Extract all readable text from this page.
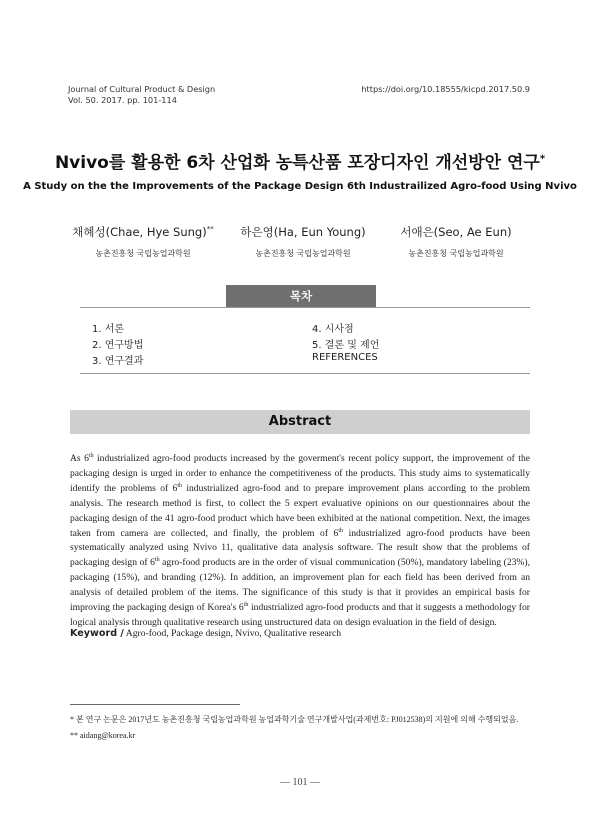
Journal of Cultural Product & Design
Vol. 50. 2017. pp. 101-114
https://doi.org/10.18555/kicpd.2017.50.9
Nvivo를 활용한 6차 산업화 농특산품 포장디자인 개선방안 연구*
A Study on the the Improvements of the Package Design 6th Industrailized Agro-food Using Nvivo
채혜성(Chae, Hye Sung)**
농촌진흥청 국립농업과학원
하은영(Ha, Eun Young)
농촌진흥청 국립농업과학원
서애은(Seo, Ae Eun)
농촌진흥청 국립농업과학원
목차
1. 서론
2. 연구방법
3. 연구결과
4. 시사점
5. 결론 및 제언
REFERENCES
Abstract
As 6th industrialized agro-food products increased by the goverment's recent policy support, the improvement of the packaging design is urged in order to enhance the competitiveness of the products. This study aims to systematically identify the problems of 6th industrialized agro-food and to prepare improvement plans according to the problem analysis. The research method is first, to collect the 5 expert evaluative opinions on our questionnaires about the packaging design of the 41 agro-food product which have been exhibited at the national competition. Next, the images taken from camera are collected, and finally, the problem of 6th industrialized agro-food products have been systematically analyzed using Nvivo 11, qualitative data analysis software. The result show that the problems of packaging design of 6th agro-food products are in the order of visual communication (50%), mandatory labeling (23%), packaging (15%), and branding (12%). In addition, an improvement plan for each field has been derived from an analysis of detailed problem of the items. The significance of this study is that it provides an empirical basis for improving the packaging design of Korea's 6th industrialized agro-food products and that it suggests a methodology for logical analysis through qualitative research using unstructured data on design evaluation in the field of design.
Keyword / Agro-food, Package design, Nvivo, Qualitative research
* 본 연구 논문은 2017년도 농촌진흥청 국립농업과학원 농업과학기술 연구개발사업(과제번호: PJ012538)의 지원에 의해 수행되었음.
** aidang@korea.kr
— 101 —
